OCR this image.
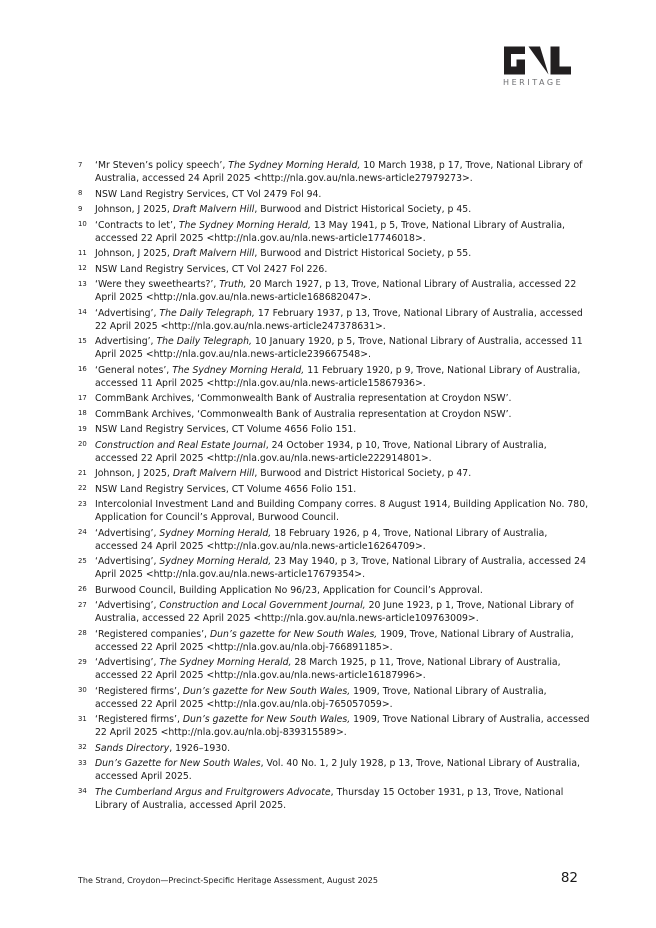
HERITAGE
7	‘Mr Steven’s policy speech’, The Sydney Morning Herald, 10 March 1938, p 17, Trove, National Library of Australia, accessed 24 April 2025 <http://nla.gov.au/nla.news-article27979273>.
8	NSW Land Registry Services, CT Vol 2479 Fol 94.
9	Johnson, J 2025, Draft Malvern Hill, Burwood and District Historical Society, p 45.
10 ‘Contracts to let’, The Sydney Morning Herald, 13 May 1941, p 5, Trove, National Library of Australia, accessed 22 April 2025 <http://nla.gov.au/nla.news-article17746018>.
11 Johnson, J 2025, Draft Malvern Hill, Burwood and District Historical Society, p 55.
12 NSW Land Registry Services, CT Vol 2427 Fol 226.
13 ‘Were they sweethearts?’, Truth, 20 March 1927, p 13, Trove, National Library of Australia, accessed 22 April 2025 <http://nla.gov.au/nla.news-article168682047>.
14 ‘Advertising’, The Daily Telegraph, 17 February 1937, p 13, Trove, National Library of Australia, accessed 22 April 2025 <http://nla.gov.au/nla.news-article247378631>.
15 Advertising’, The Daily Telegraph, 10 January 1920, p 5, Trove, National Library of Australia, accessed 11 April 2025 <http://nla.gov.au/nla.news-article239667548>.
16 ‘General notes’, The Sydney Morning Herald, 11 February 1920, p 9, Trove, National Library of Australia, accessed 11 April 2025 <http://nla.gov.au/nla.news-article15867936>.
17 CommBank Archives, ‘Commonwealth Bank of Australia representation at Croydon NSW’.
18 CommBank Archives, ‘Commonwealth Bank of Australia representation at Croydon NSW’.
19 NSW Land Registry Services, CT Volume 4656 Folio 151.
20 Construction and Real Estate Journal, 24 October 1934, p 10, Trove, National Library of Australia, accessed 22 April 2025 <http://nla.gov.au/nla.news-article222914801>.
21 Johnson, J 2025, Draft Malvern Hill, Burwood and District Historical Society, p 47.
22 NSW Land Registry Services, CT Volume 4656 Folio 151.
23 Intercolonial Investment Land and Building Company corres. 8 August 1914, Building Application No. 780, Application for Council’s Approval, Burwood Council.
24 ‘Advertising’, Sydney Morning Herald, 18 February 1926, p 4, Trove, National Library of Australia, accessed 24 April 2025 <http://nla.gov.au/nla.news-article16264709>.
25 ‘Advertising’, Sydney Morning Herald, 23 May 1940, p 3, Trove, National Library of Australia, accessed 24 April 2025 <http://nla.gov.au/nla.news-article17679354>.
26 Burwood Council, Building Application No 96/23, Application for Council’s Approval.
27 ‘Advertising’, Construction and Local Government Journal, 20 June 1923, p 1, Trove, National Library of Australia, accessed 22 April 2025 <http://nla.gov.au/nla.news-article109763009>.
28 ‘Registered companies’, Dun’s gazette for New South Wales, 1909, Trove, National Library of Australia, accessed 22 April 2025 <http://nla.gov.au/nla.obj-766891185>.
29 ‘Advertising’, The Sydney Morning Herald, 28 March 1925, p 11, Trove, National Library of Australia, accessed 22 April 2025 <http://nla.gov.au/nla.news-article16187996>.
30 ‘Registered firms’, Dun’s gazette for New South Wales, 1909, Trove, National Library of Australia, accessed 22 April 2025 <http://nla.gov.au/nla.obj-765057059>.
31 ‘Registered firms’, Dun’s gazette for New South Wales, 1909, Trove National Library of Australia, accessed 22 April 2025 <http://nla.gov.au/nla.obj-839315589>.
32 Sands Directory, 1926–1930.
33 Dun’s Gazette for New South Wales, Vol. 40 No. 1, 2 July 1928, p 13, Trove, National Library of Australia, accessed April 2025.
34 The Cumberland Argus and Fruitgrowers Advocate, Thursday 15 October 1931, p 13, Trove, National Library of Australia, accessed April 2025.
The Strand, Croydon—Precinct-Specific Heritage Assessment, August 2025	82
